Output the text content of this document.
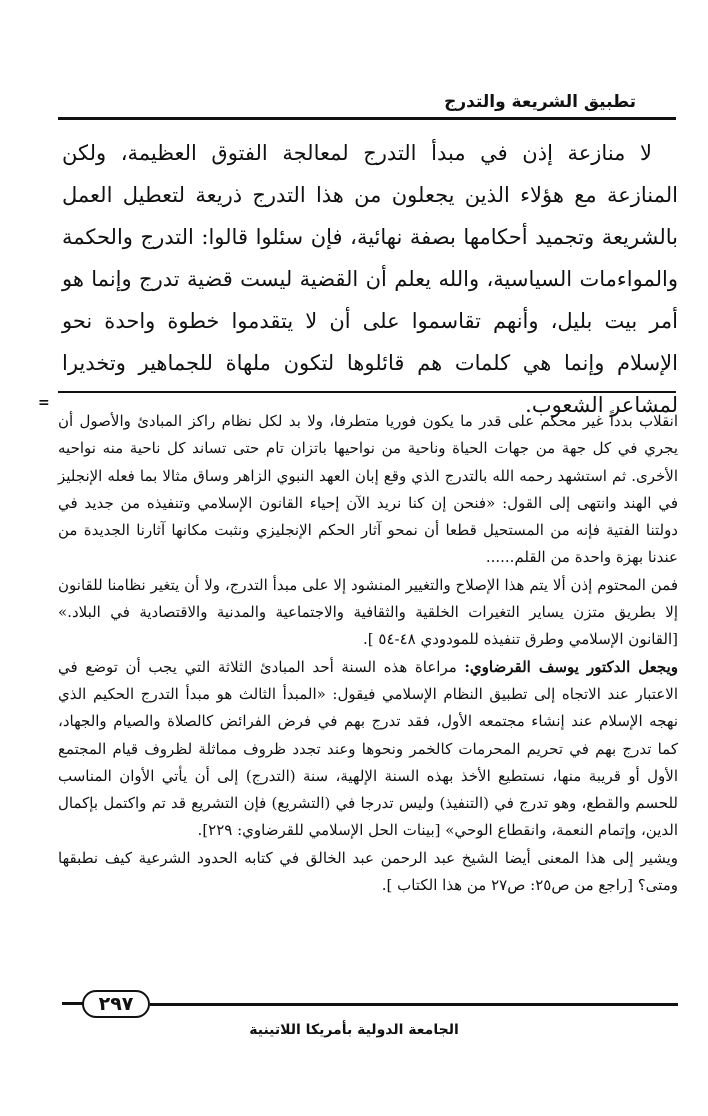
تطبيق الشريعة والتدرج

لا منازعة إذن في مبدأ التدرج لمعالجة الفتوق العظيمة، ولكن المنازعة مع هؤلاء الذين يجعلون من هذا التدرج ذريعة لتعطيل العمل بالشريعة وتجميد أحكامها بصفة نهائية، فإن سئلوا قالوا: التدرج والحكمة والمواءمات السياسية، والله يعلم أن القضية ليست قضية تدرج وإنما هو أمر بيت بليل، وأنهم تقاسموا على أن لا يتقدموا خطوة واحدة نحو الإسلام وإنما هي كلمات هم قائلوها لتكون ملهاة للجماهير وتخديرا لمشاعر الشعوب.

=

انقلاب بدداً غير محكم على قدر ما يكون فوريا متطرفا، ولا بد لكل نظام راكز المبادئ والأصول أن يجري في كل جهة من جهات الحياة وناحية من نواحيها باتزان تام حتى تساند كل ناحية منه نواحيه الأخرى. ثم استشهد رحمه الله بالتدرج الذي وقع إبان العهد النبوي الزاهر وساق مثالا بما فعله الإنجليز في الهند وانتهى إلى القول: «فنحن إن كنا نريد الآن إحياء القانون الإسلامي وتنفيذه من جديد في دولتنا الفتية فإنه من المستحيل قطعا أن نمحو آثار الحكم الإنجليزي ونثبت مكانها آثارنا الجديدة من عندنا بهزة واحدة من القلم......

فمن المحتوم إذن ألا يتم هذا الإصلاح والتغيير المنشود إلا على مبدأ التدرج، ولا أن يتغير نظامنا للقانون إلا بطريق متزن يساير التغيرات الخلقية والثقافية والاجتماعية والمدنية والاقتصادية في البلاد.» [القانون الإسلامي وطرق تنفيذه للمودودي ٤٨-٥٤ ].

ويجعل الدكتور يوسف القرضاوي: مراعاة هذه السنة أحد المبادئ الثلاثة التي يجب أن توضع في الاعتبار عند الاتجاه إلى تطبيق النظام الإسلامي فيقول: «المبدأ الثالث هو مبدأ التدرج الحكيم الذي نهجه الإسلام عند إنشاء مجتمعه الأول، فقد تدرج بهم في فرض الفرائض كالصلاة والصيام والجهاد، كما تدرج بهم في تحريم المحرمات كالخمر ونحوها وعند تجدد ظروف مماثلة لظروف قيام المجتمع الأول أو قريبة منها، نستطيع الأخذ بهذه السنة الإلهية، سنة (التدرج) إلى أن يأتي الأوان المناسب للحسم والقطع، وهو تدرج في (التنفيذ) وليس تدرجا في (التشريع) فإن التشريع قد تم واكتمل بإكمال الدين، وإتمام النعمة، وانقطاع الوحي» [بينات الحل الإسلامي للقرضاوي: ٢٢٩].

ويشير إلى هذا المعنى أيضا الشيخ عبد الرحمن عبد الخالق في كتابه الحدود الشرعية كيف نطبقها ومتى؟ [راجع من ص٢٥: ص٢٧ من هذا الكتاب ].

٢٩٧
الجامعة الدولية بأمريكا اللاتينية
